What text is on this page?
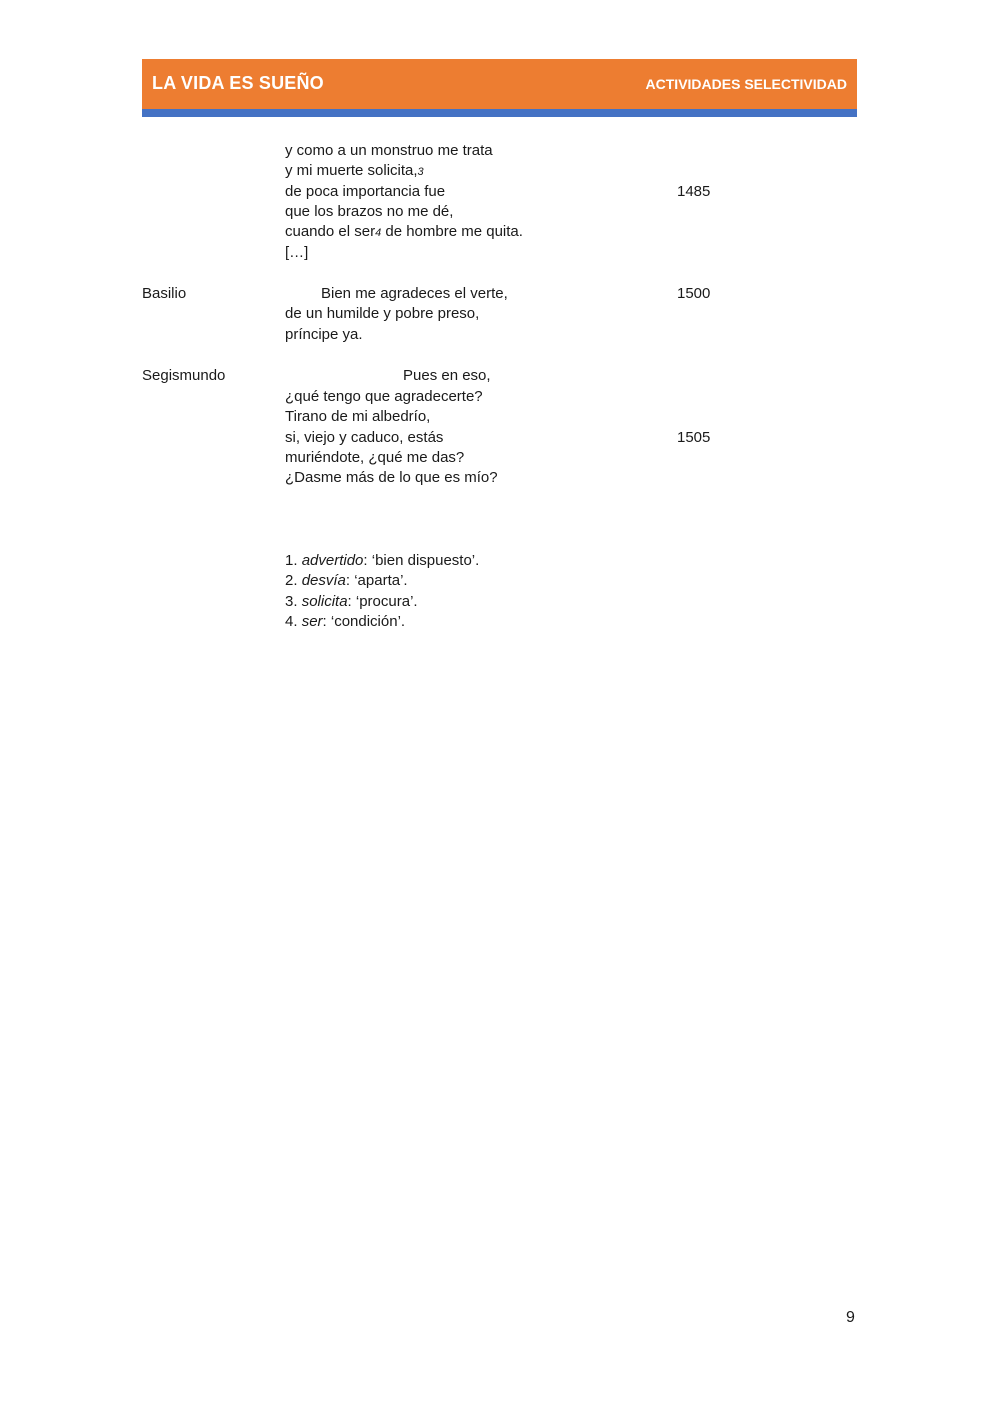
LA VIDA ES SUEÑO	ACTIVIDADES SELECTIVIDAD
y como a un monstruo me trata
y mi muerte solicita,3
de poca importancia fue	1485
que los brazos no me dé,
cuando el ser4 de hombre me quita.
[…]
Basilio	Bien me agradeces el verte,	1500
de un humilde y pobre preso,
príncipe ya.
Segismundo	Pues en eso,
¿qué tengo que agradecerte?
Tirano de mi albedrío,
si, viejo y caduco, estás	1505
muriéndote, ¿qué me das?
¿Dasme más de lo que es mío?
1. advertido: ‘bien dispuesto’.
2. desvía: ‘aparta’.
3. solicita: ‘procura’.
4. ser: ‘condición’.
9
